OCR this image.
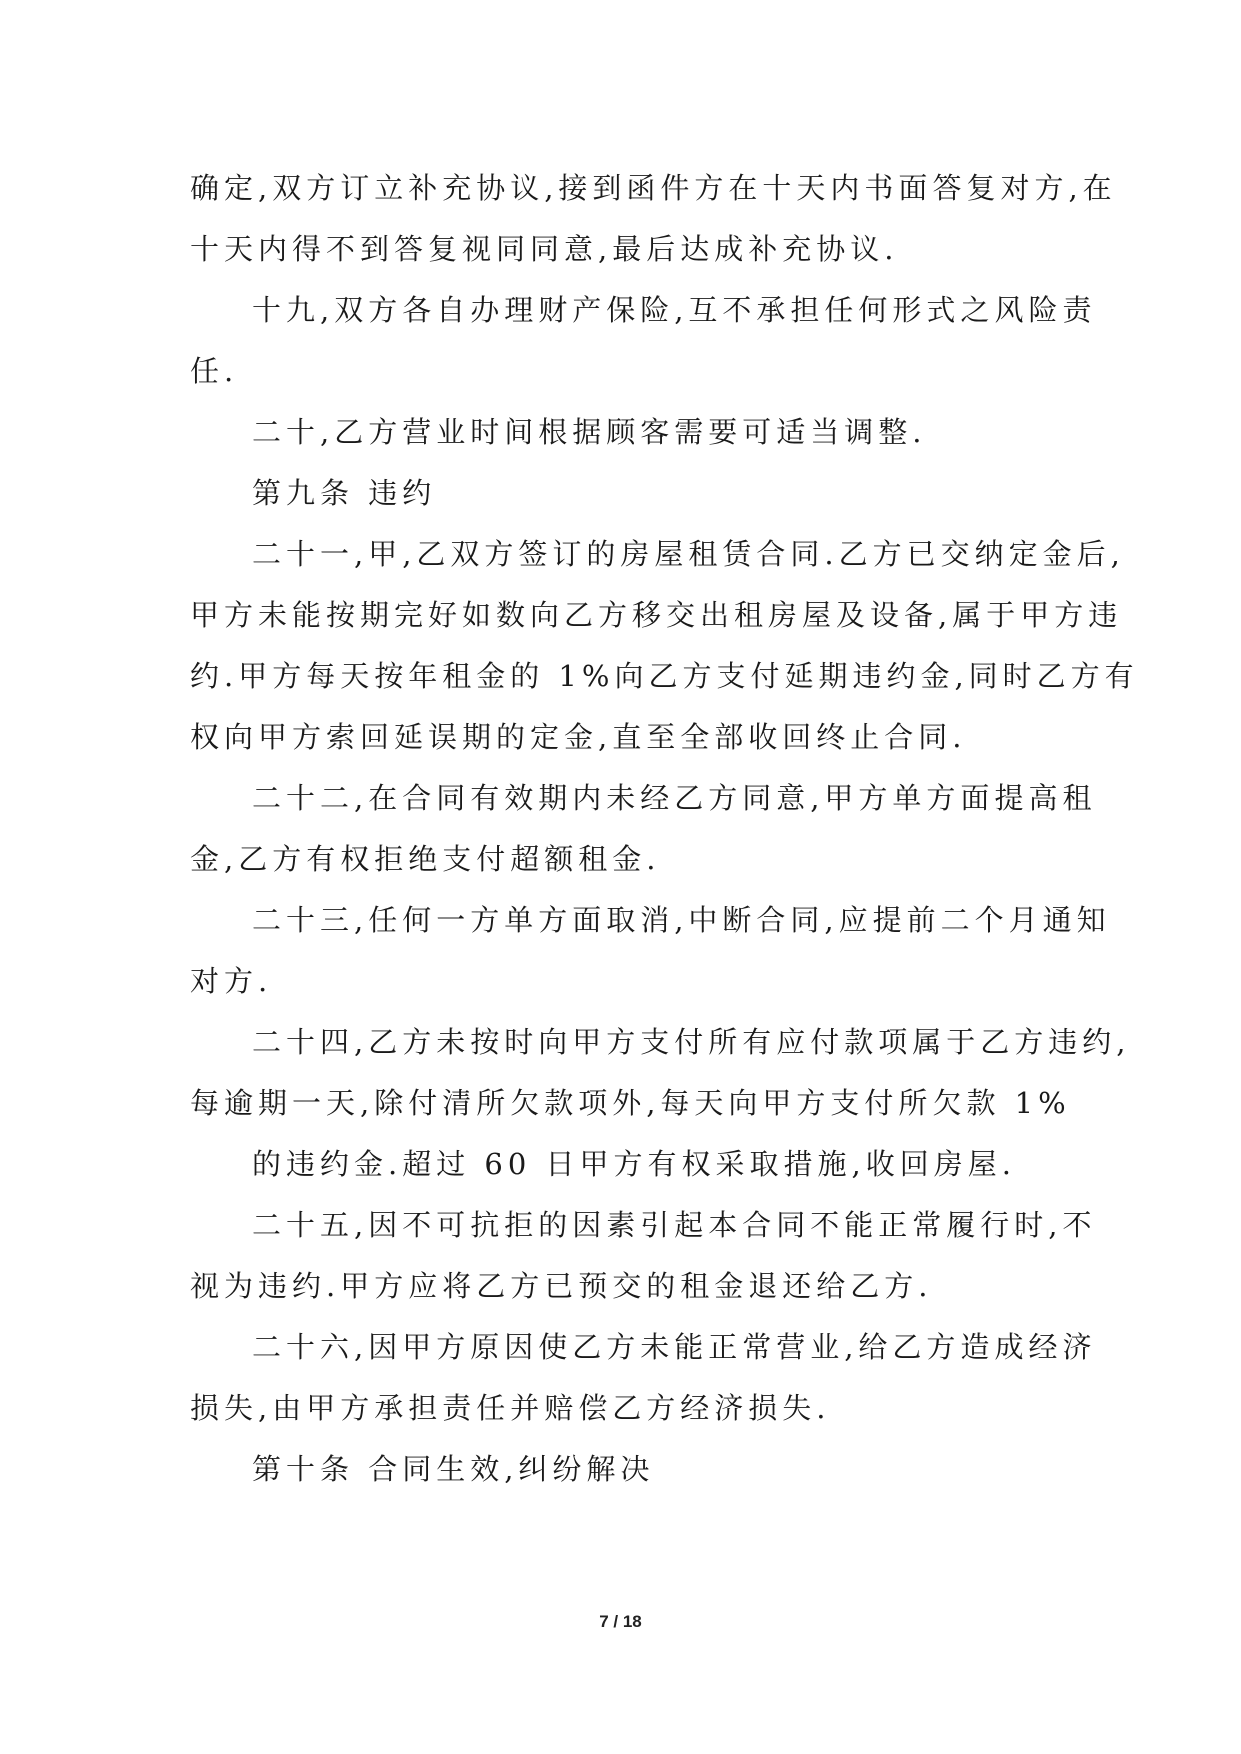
确定,双方订立补充协议,接到函件方在十天内书面答复对方,在
十天内得不到答复视同同意,最后达成补充协议.
十九,双方各自办理财产保险,互不承担任何形式之风险责
任.
二十,乙方营业时间根据顾客需要可适当调整.
第九条 违约
二十一,甲,乙双方签订的房屋租赁合同.乙方已交纳定金后,
甲方未能按期完好如数向乙方移交出租房屋及设备,属于甲方违
约.甲方每天按年租金的 1%向乙方支付延期违约金,同时乙方有
权向甲方索回延误期的定金,直至全部收回终止合同.
二十二,在合同有效期内未经乙方同意,甲方单方面提高租
金,乙方有权拒绝支付超额租金.
二十三,任何一方单方面取消,中断合同,应提前二个月通知
对方.
二十四,乙方未按时向甲方支付所有应付款项属于乙方违约,
每逾期一天,除付清所欠款项外,每天向甲方支付所欠款 1%
的违约金.超过 60 日甲方有权采取措施,收回房屋.
二十五,因不可抗拒的因素引起本合同不能正常履行时,不
视为违约.甲方应将乙方已预交的租金退还给乙方.
二十六,因甲方原因使乙方未能正常营业,给乙方造成经济
损失,由甲方承担责任并赔偿乙方经济损失.
第十条 合同生效,纠纷解决
7 / 18
